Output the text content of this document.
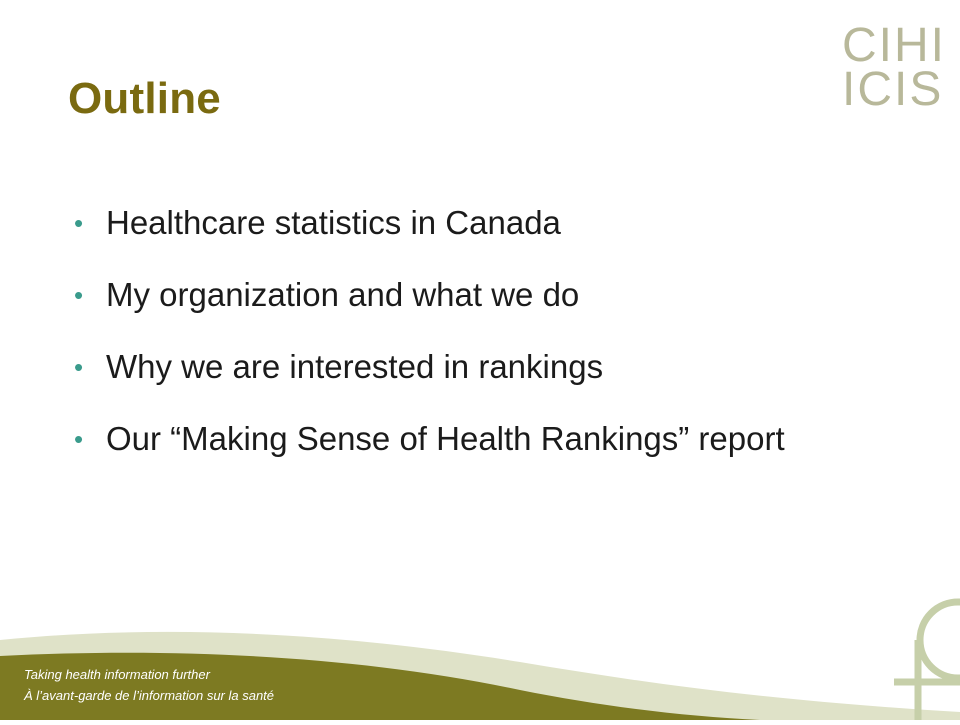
Outline
CIHI
ICIS
• Healthcare statistics in Canada
• My organization and what we do
• Why we are interested in rankings
• Our “Making Sense of Health Rankings” report
Taking health information further
À l’avant-garde de l’information sur la santé
